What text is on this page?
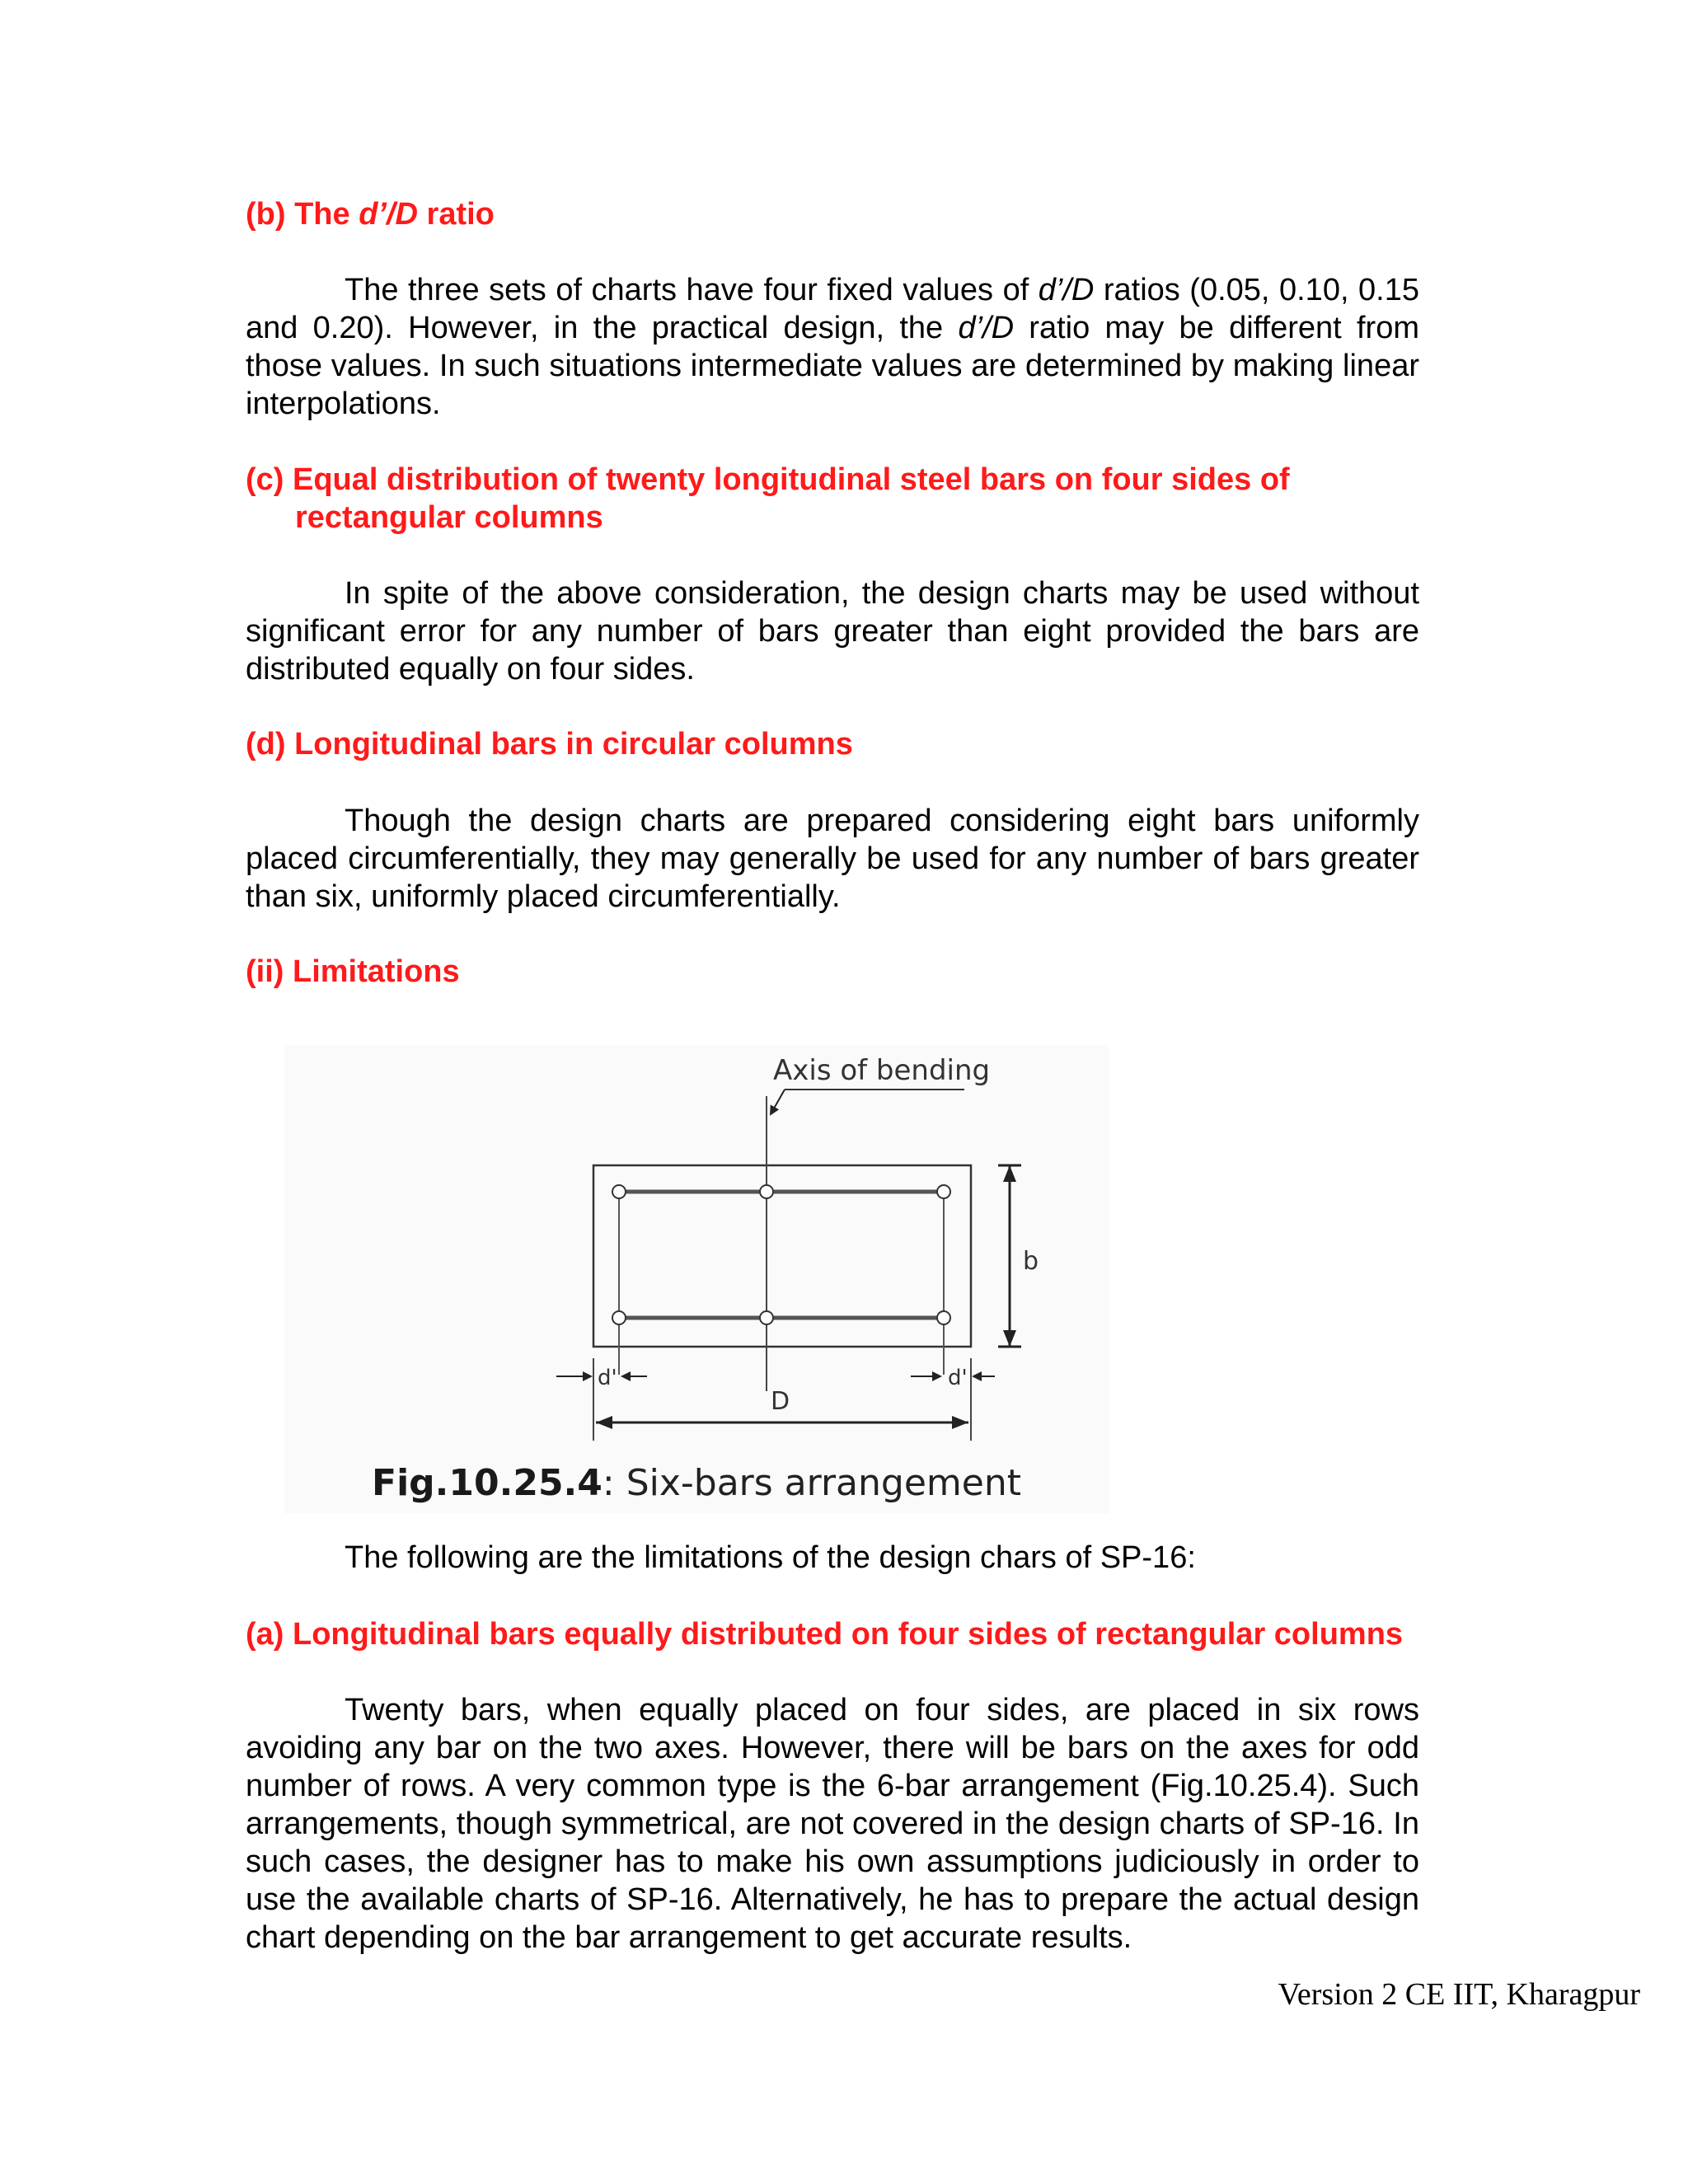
(b) The d’/D ratio

The three sets of charts have four fixed values of d’/D ratios (0.05, 0.10, 0.15 and 0.20). However, in the practical design, the d’/D ratio may be different from those values. In such situations intermediate values are determined by making linear interpolations.

(c) Equal distribution of twenty longitudinal steel bars on four sides of rectangular columns

In spite of the above consideration, the design charts may be used without significant error for any number of bars greater than eight provided the bars are distributed equally on four sides.

(d) Longitudinal bars in circular columns

Though the design charts are prepared considering eight bars uniformly placed circumferentially, they may generally be used for any number of bars greater than six, uniformly placed circumferentially.

(ii) Limitations

The following are the limitations of the design chars of SP-16:

(a) Longitudinal bars equally distributed on four sides of rectangular columns

Twenty bars, when equally placed on four sides, are placed in six rows avoiding any bar on the two axes. However, there will be bars on the axes for odd number of rows. A very common type is the 6-bar arrangement (Fig.10.25.4). Such arrangements, though symmetrical, are not covered in the design charts of SP-16. In such cases, the designer has to make his own assumptions judiciously in order to use the available charts of SP-16. Alternatively, he has to prepare the actual design chart depending on the bar arrangement to get accurate results.

Axis of bending
b
d'	d'
D
Fig.10.25.4: Six-bars arrangement
Version 2 CE IIT, Kharagpur
